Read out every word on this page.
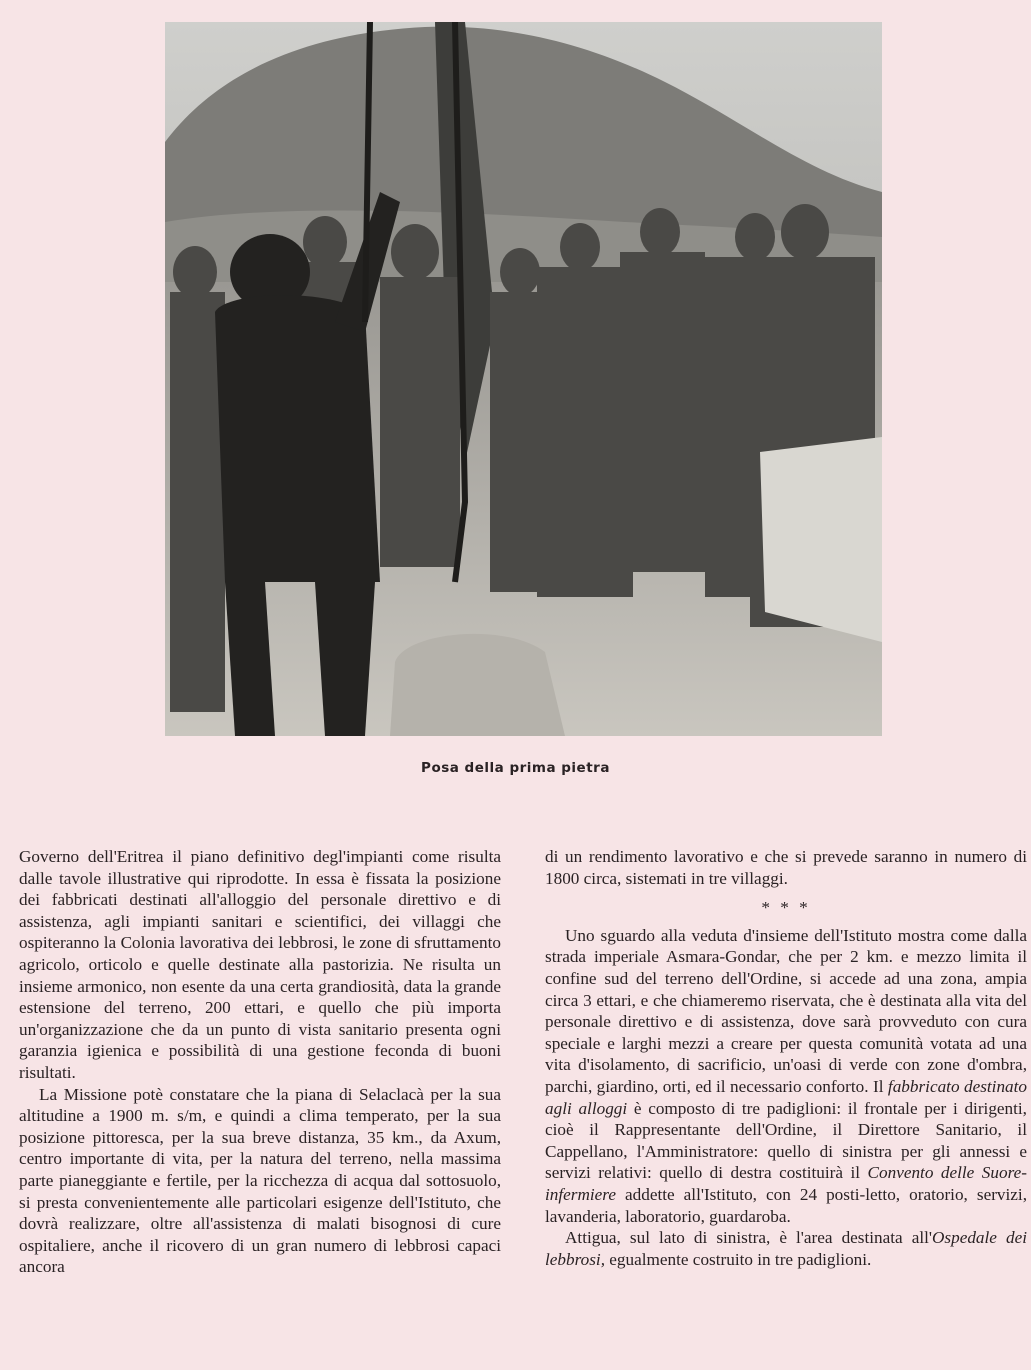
Posa della prima pietra

Governo dell'Eritrea il piano definitivo degl'impianti come risulta dalle tavole illustrative qui riprodotte. In essa è fissata la posizione dei fabbricati destinati all'alloggio del personale direttivo e di assistenza, agli impianti sanitari e scientifici, dei villaggi che ospiteranno la Colonia lavorativa dei lebbrosi, le zone di sfruttamento agricolo, orticolo e quelle destinate alla pastorizia. Ne risulta un insieme armonico, non esente da una certa grandiosità, data la grande estensione del terreno, 200 ettari, e quello che più importa un'organizzazione che da un punto di vista sanitario presenta ogni garanzia igienica e possibilità di una gestione feconda di buoni risultati.

La Missione potè constatare che la piana di Selaclacà per la sua altitudine a 1900 m. s/m, e quindi a clima temperato, per la sua posizione pittoresca, per la sua breve distanza, 35 km., da Axum, centro importante di vita, per la natura del terreno, nella massima parte pianeggiante e fertile, per la ricchezza di acqua dal sottosuolo, si presta convenientemente alle particolari esigenze dell'Istituto, che dovrà realizzare, oltre all'assistenza di malati bisognosi di cure ospitaliere, anche il ricovero di un gran numero di lebbrosi capaci ancora

di un rendimento lavorativo e che si prevede saranno in numero di 1800 circa, sistemati in tre villaggi.

* * *

Uno sguardo alla veduta d'insieme dell'Istituto mostra come dalla strada imperiale Asmara-Gondar, che per 2 km. e mezzo limita il confine sud del terreno dell'Ordine, si accede ad una zona, ampia circa 3 ettari, e che chiameremo riservata, che è destinata alla vita del personale direttivo e di assistenza, dove sarà provveduto con cura speciale e larghi mezzi a creare per questa comunità votata ad una vita d'isolamento, di sacrificio, un'oasi di verde con zone d'ombra, parchi, giardino, orti, ed il necessario conforto. Il fabbricato destinato agli alloggi è composto di tre padiglioni: il frontale per i dirigenti, cioè il Rappresentante dell'Ordine, il Direttore Sanitario, il Cappellano, l'Amministratore: quello di sinistra per gli annessi e servizi relativi: quello di destra costituirà il Convento delle Suore-infermiere addette all'Istituto, con 24 posti-letto, oratorio, servizi, lavanderia, laboratorio, guardaroba.

Attigua, sul lato di sinistra, è l'area destinata all'Ospedale dei lebbrosi, egualmente costruito in tre padiglioni.
